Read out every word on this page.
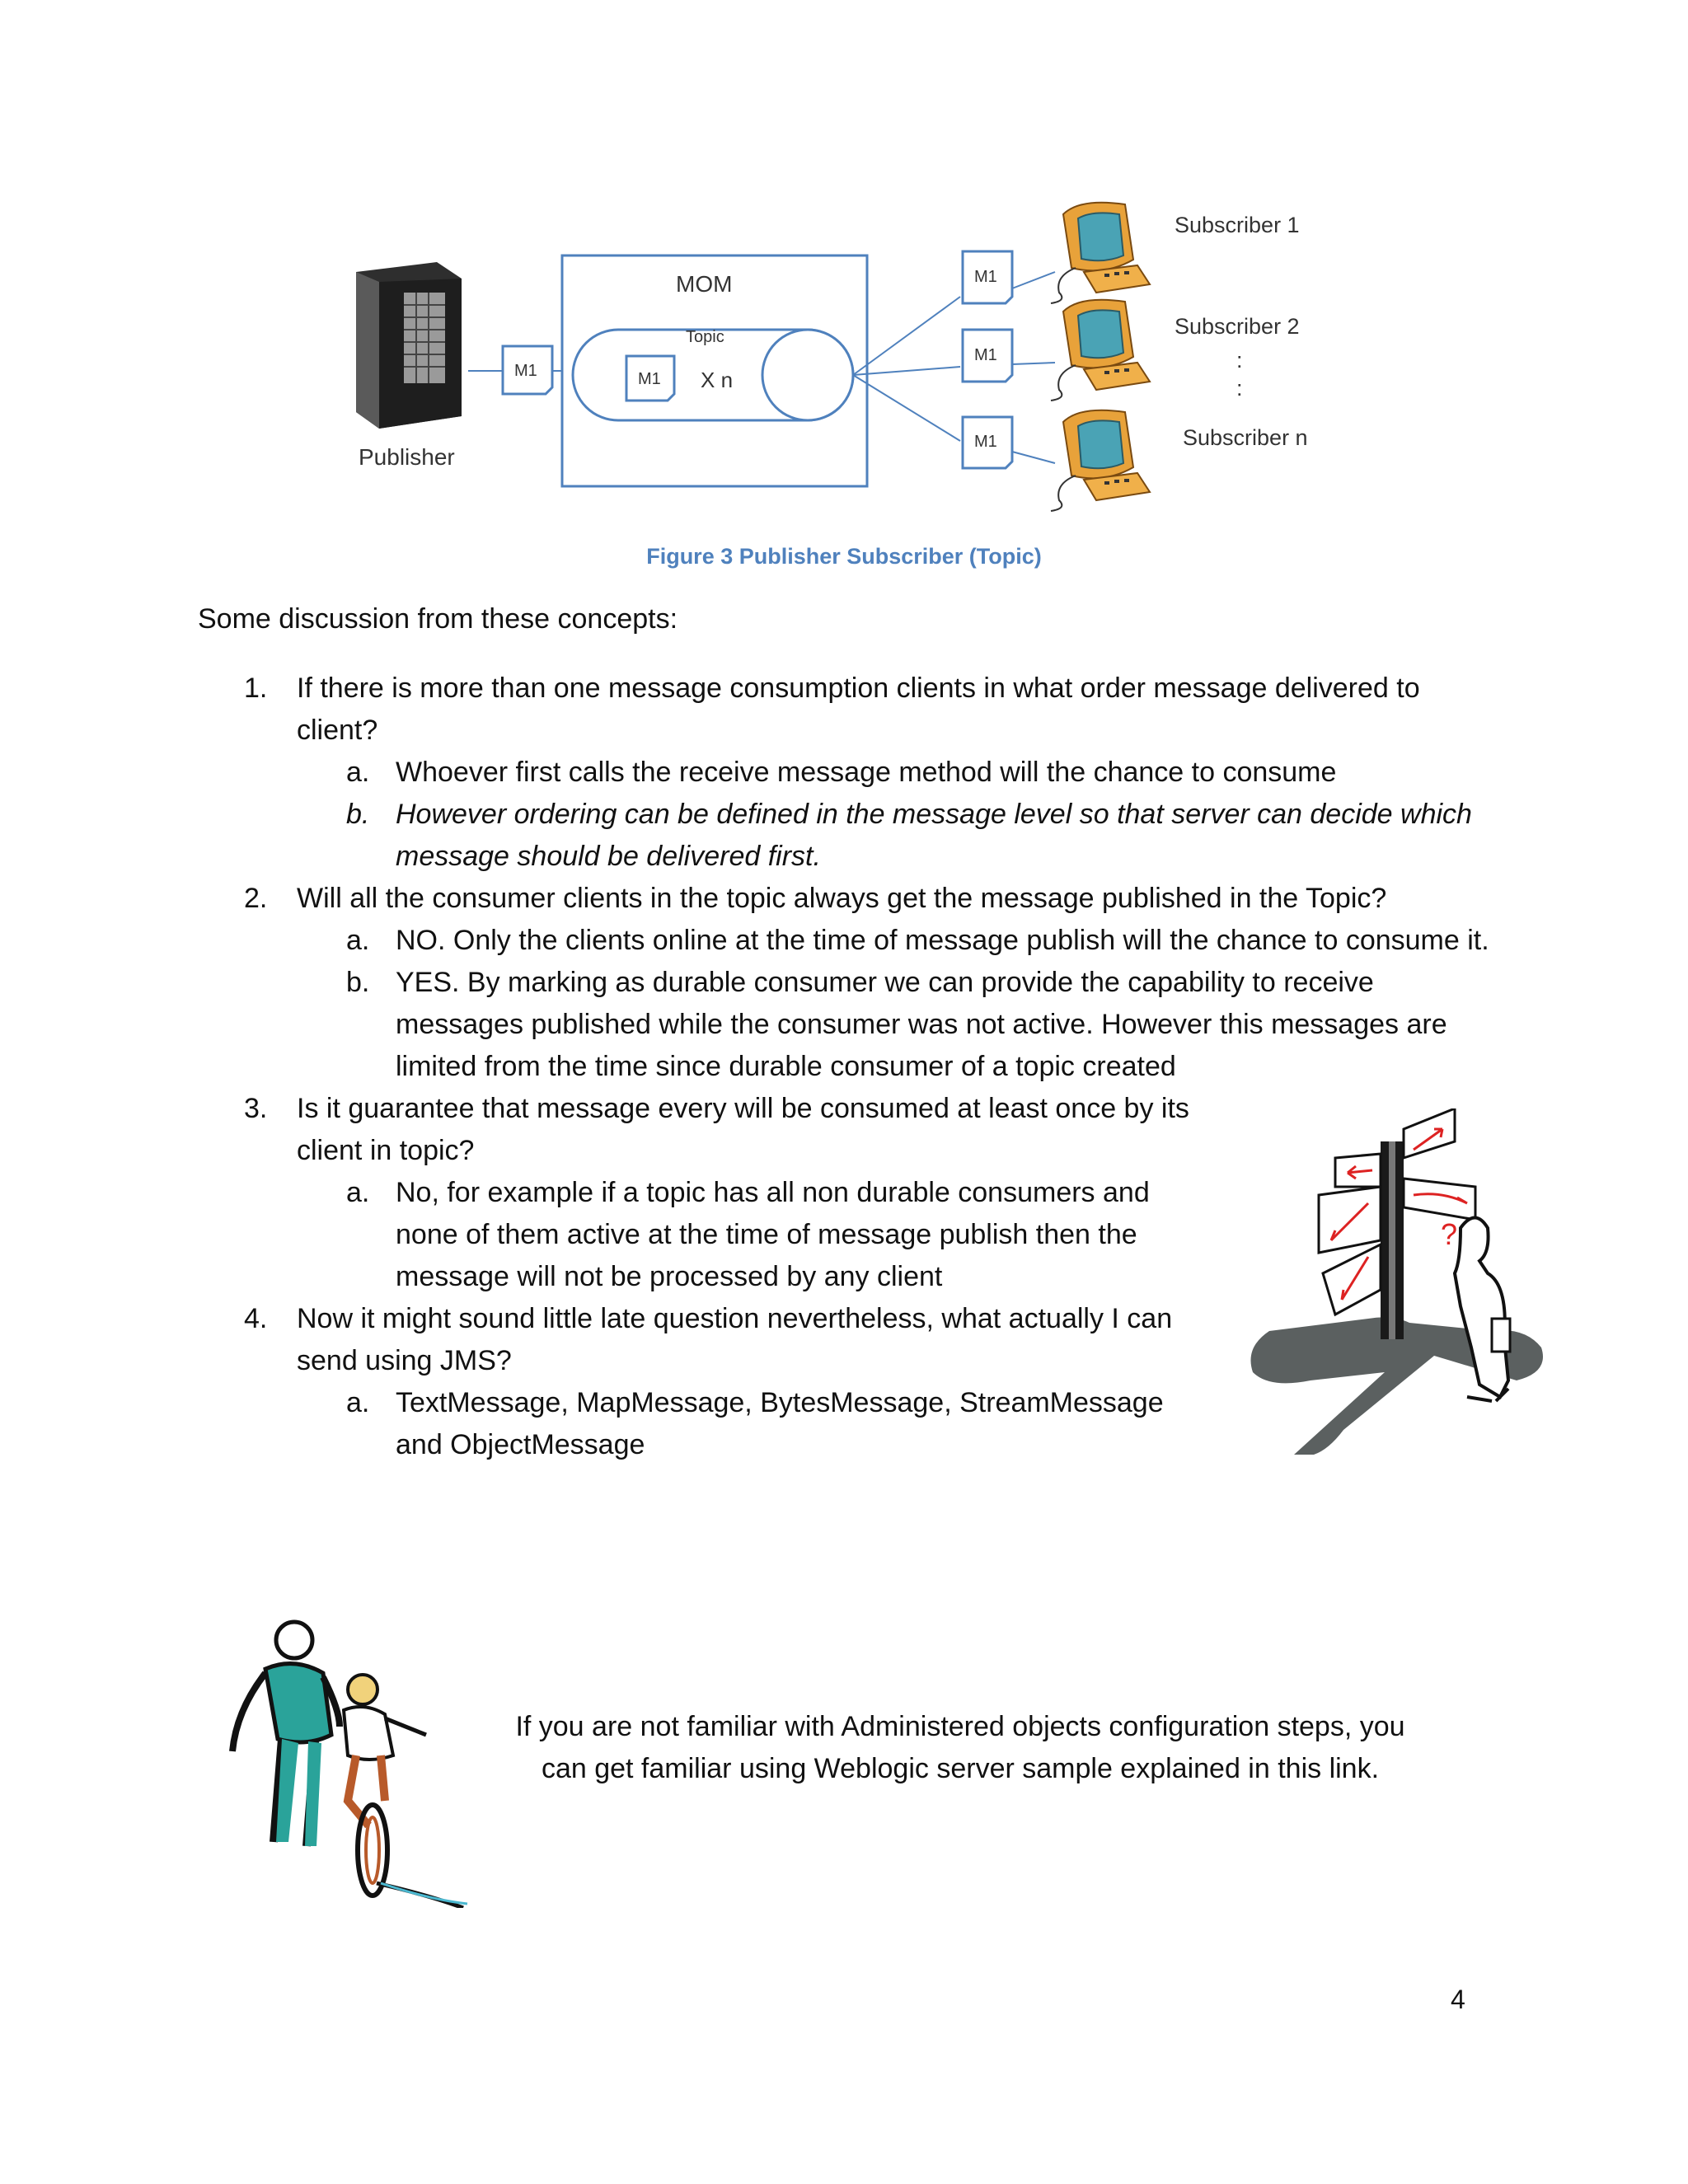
Publisher
M1
MOM
Topic
M1 X n
M1
M1
M1
Subscriber 1
Subscriber 2
:
:
Subscriber n
Figure 3 Publisher Subscriber (Topic)
Some discussion from these concepts:
1. If there is more than one message consumption clients in what order message delivered to client?
a. Whoever first calls the receive message method will the chance to consume
b. However ordering can be defined in the message level so that server can decide which message should be delivered first.
2. Will all the consumer clients in the topic always get the message published in the Topic?
a. NO. Only the clients online at the time of message publish will the chance to consume it.
b. YES. By marking as durable consumer we can provide the capability to receive messages published while the consumer was not active. However this messages are limited from the time since durable consumer of a topic created
3. Is it guarantee that message every will be consumed at least once by its client in topic?
a. No, for example if a topic has all non durable consumers and none of them active at the time of message publish then the message will not be processed by any client
4. Now it might sound little late question nevertheless, what actually I can send using JMS?
a. TextMessage, MapMessage, BytesMessage, StreamMessage and ObjectMessage
?
If you are not familiar with Administered objects configuration steps, you can get familiar using Weblogic server sample explained in this link.
4
